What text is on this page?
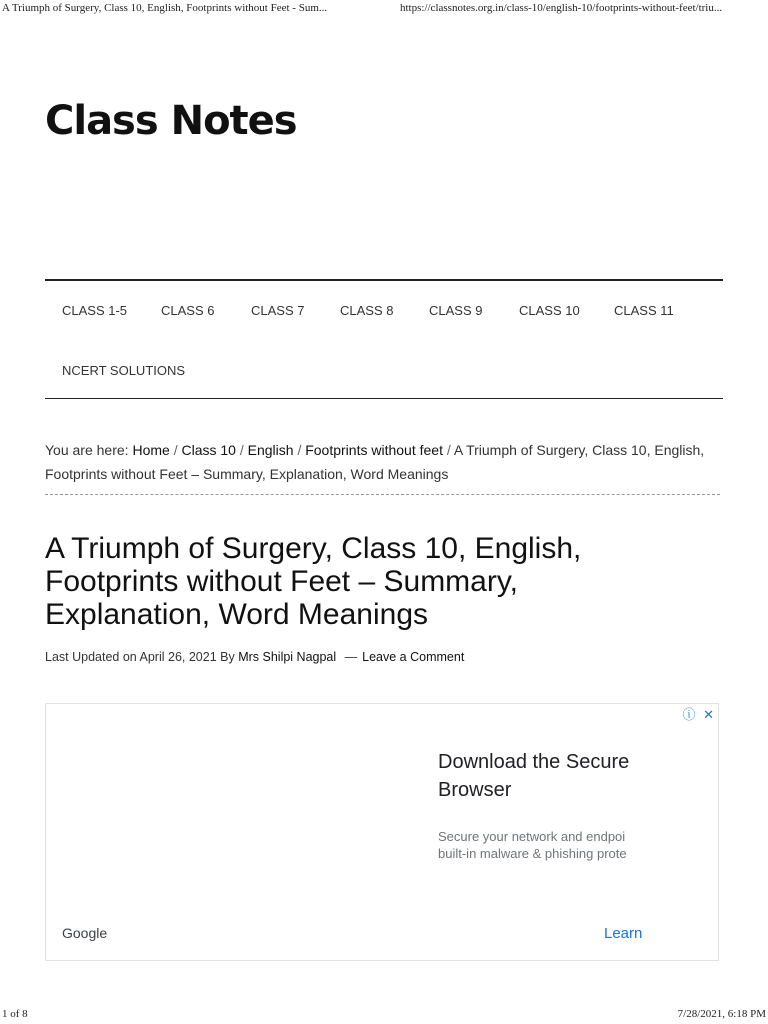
A Triumph of Surgery, Class 10, English, Footprints without Feet - Sum...	https://classnotes.org.in/class-10/english-10/footprints-without-feet/triu...
Class Notes
CLASS 1-5	CLASS 6	CLASS 7	CLASS 8	CLASS 9	CLASS 10	CLASS 11
NCERT SOLUTIONS
You are here: Home / Class 10 / English / Footprints without feet / A Triumph of Surgery, Class 10, English, Footprints without Feet – Summary, Explanation, Word Meanings
A Triumph of Surgery, Class 10, English, Footprints without Feet – Summary, Explanation, Word Meanings
Last Updated on April 26, 2021 By Mrs Shilpi Nagpal — Leave a Comment
ⓘ ✕
Download the Secure
Browser
Secure your network and endpoi
built-in malware & phishing prote
Google	Learn
1 of 8	7/28/2021, 6:18 PM
